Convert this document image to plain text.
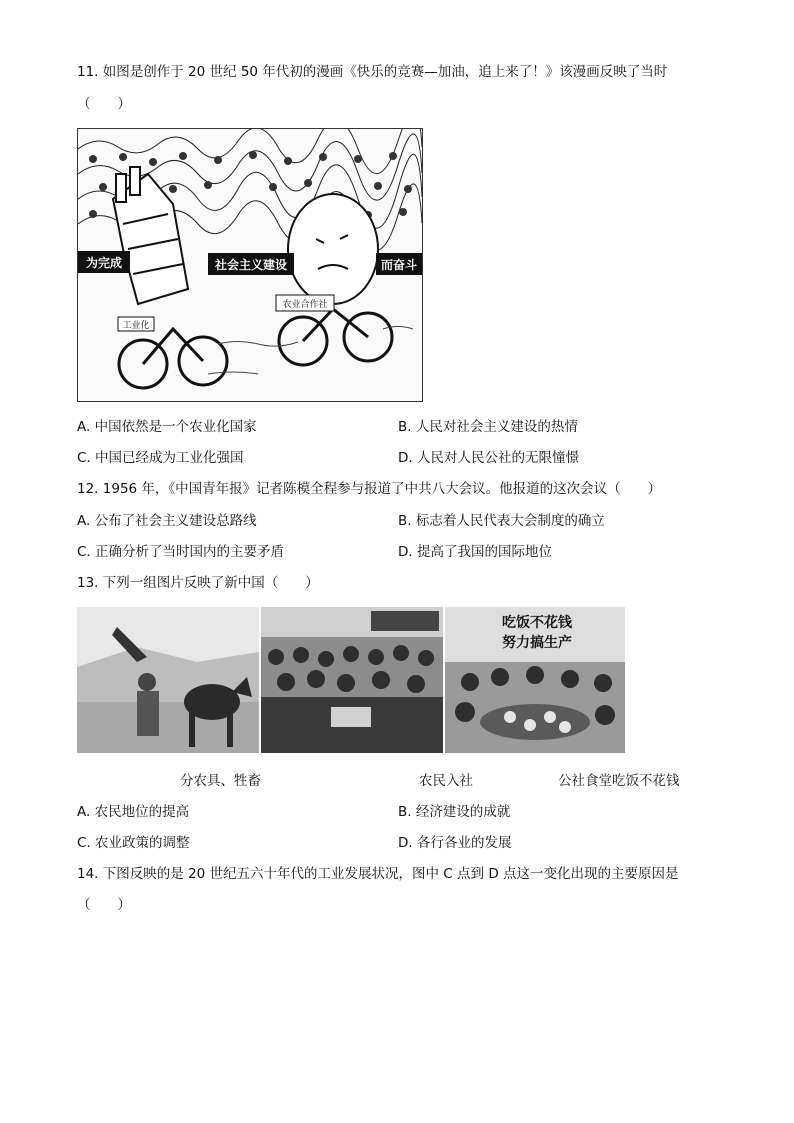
11. 如图是创作于 20 世纪 50 年代初的漫画《快乐的竞赛—加油，追上来了！》该漫画反映了当时
（　　）
为完成	社会主义建设	而奋斗
农业合作社
工业化
A. 中国依然是一个农业化国家	B. 人民对社会主义建设的热情
C. 中国已经成为工业化强国	D. 人民对人民公社的无限憧憬
12. 1956 年，《中国青年报》记者陈模全程参与报道了中共八大会议。他报道的这次会议（　　）
A. 公布了社会主义建设总路线	B. 标志着人民代表大会制度的确立
C. 正确分析了当时国内的主要矛盾	D. 提高了我国的国际地位
13. 下列一组图片反映了新中国（　　）
吃饭不花钱
努力搞生产
分农具、牲畜	农民入社	公社食堂吃饭不花钱
A. 农民地位的提高	B. 经济建设的成就
C. 农业政策的调整	D. 各行各业的发展
14. 下图反映的是 20 世纪五六十年代的工业发展状况，图中 C 点到 D 点这一变化出现的主要原因是
（　　）
